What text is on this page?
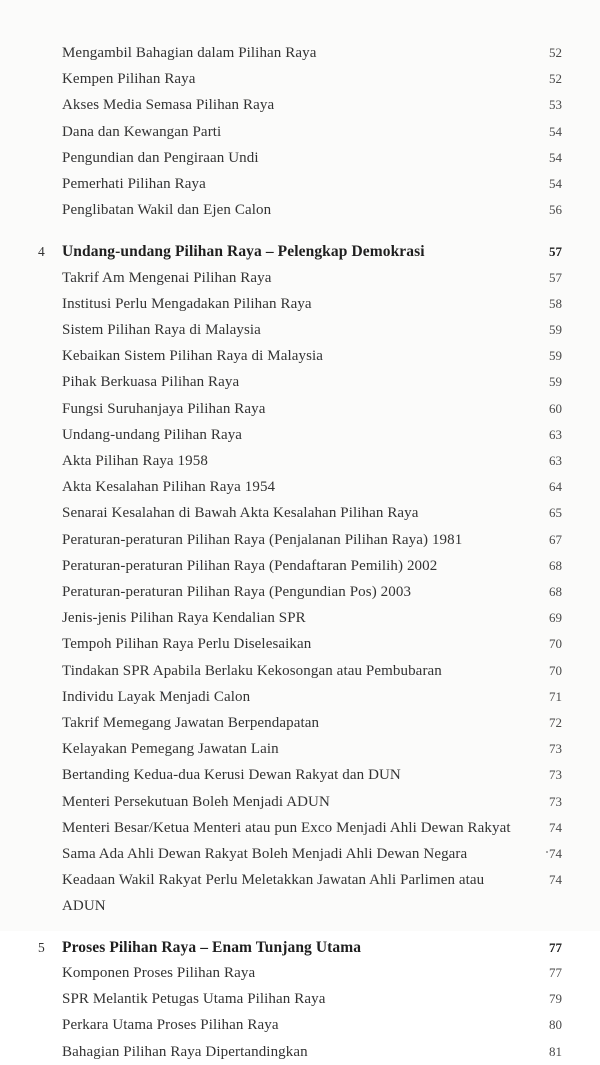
	Mengambil Bahagian dalam Pilihan Raya	52
	Kempen Pilihan Raya	52
	Akses Media Semasa Pilihan Raya	53
	Dana dan Kewangan Parti	54
	Pengundian dan Pengiraan Undi	54
	Pemerhati Pilihan Raya	54
	Penglibatan Wakil dan Ejen Calon	56

4	Undang-undang Pilihan Raya – Pelengkap Demokrasi	57
	Takrif Am Mengenai Pilihan Raya	57
	Institusi Perlu Mengadakan Pilihan Raya	58
	Sistem Pilihan Raya di Malaysia	59
	Kebaikan Sistem Pilihan Raya di Malaysia	59
	Pihak Berkuasa Pilihan Raya	59
	Fungsi Suruhanjaya Pilihan Raya	60
	Undang-undang Pilihan Raya	63
	Akta Pilihan Raya 1958	63
	Akta Kesalahan Pilihan Raya 1954	64
	Senarai Kesalahan di Bawah Akta Kesalahan Pilihan Raya	65
	Peraturan-peraturan Pilihan Raya (Penjalanan Pilihan Raya) 1981	67
	Peraturan-peraturan Pilihan Raya (Pendaftaran Pemilih) 2002	68
	Peraturan-peraturan Pilihan Raya (Pengundian Pos) 2003	68
	Jenis-jenis Pilihan Raya Kendalian SPR	69
	Tempoh Pilihan Raya Perlu Diselesaikan	70
	Tindakan SPR Apabila Berlaku Kekosongan atau Pembubaran	70
	Individu Layak Menjadi Calon	71
	Takrif Memegang Jawatan Berpendapatan	72
	Kelayakan Pemegang Jawatan Lain	73
	Bertanding Kedua-dua Kerusi Dewan Rakyat dan DUN	73
	Menteri Persekutuan Boleh Menjadi ADUN	73
	Menteri Besar/Ketua Menteri atau pun Exco Menjadi Ahli Dewan Rakyat	74
	Sama Ada Ahli Dewan Rakyat Boleh Menjadi Ahli Dewan Negara	74
	Keadaan Wakil Rakyat Perlu Meletakkan Jawatan Ahli Parlimen atau ADUN	74

5	Proses Pilihan Raya – Enam Tunjang Utama	77
	Komponen Proses Pilihan Raya	77
	SPR Melantik Petugas Utama Pilihan Raya	79
	Perkara Utama Proses Pilihan Raya	80
	Bahagian Pilihan Raya Dipertandingkan	81
